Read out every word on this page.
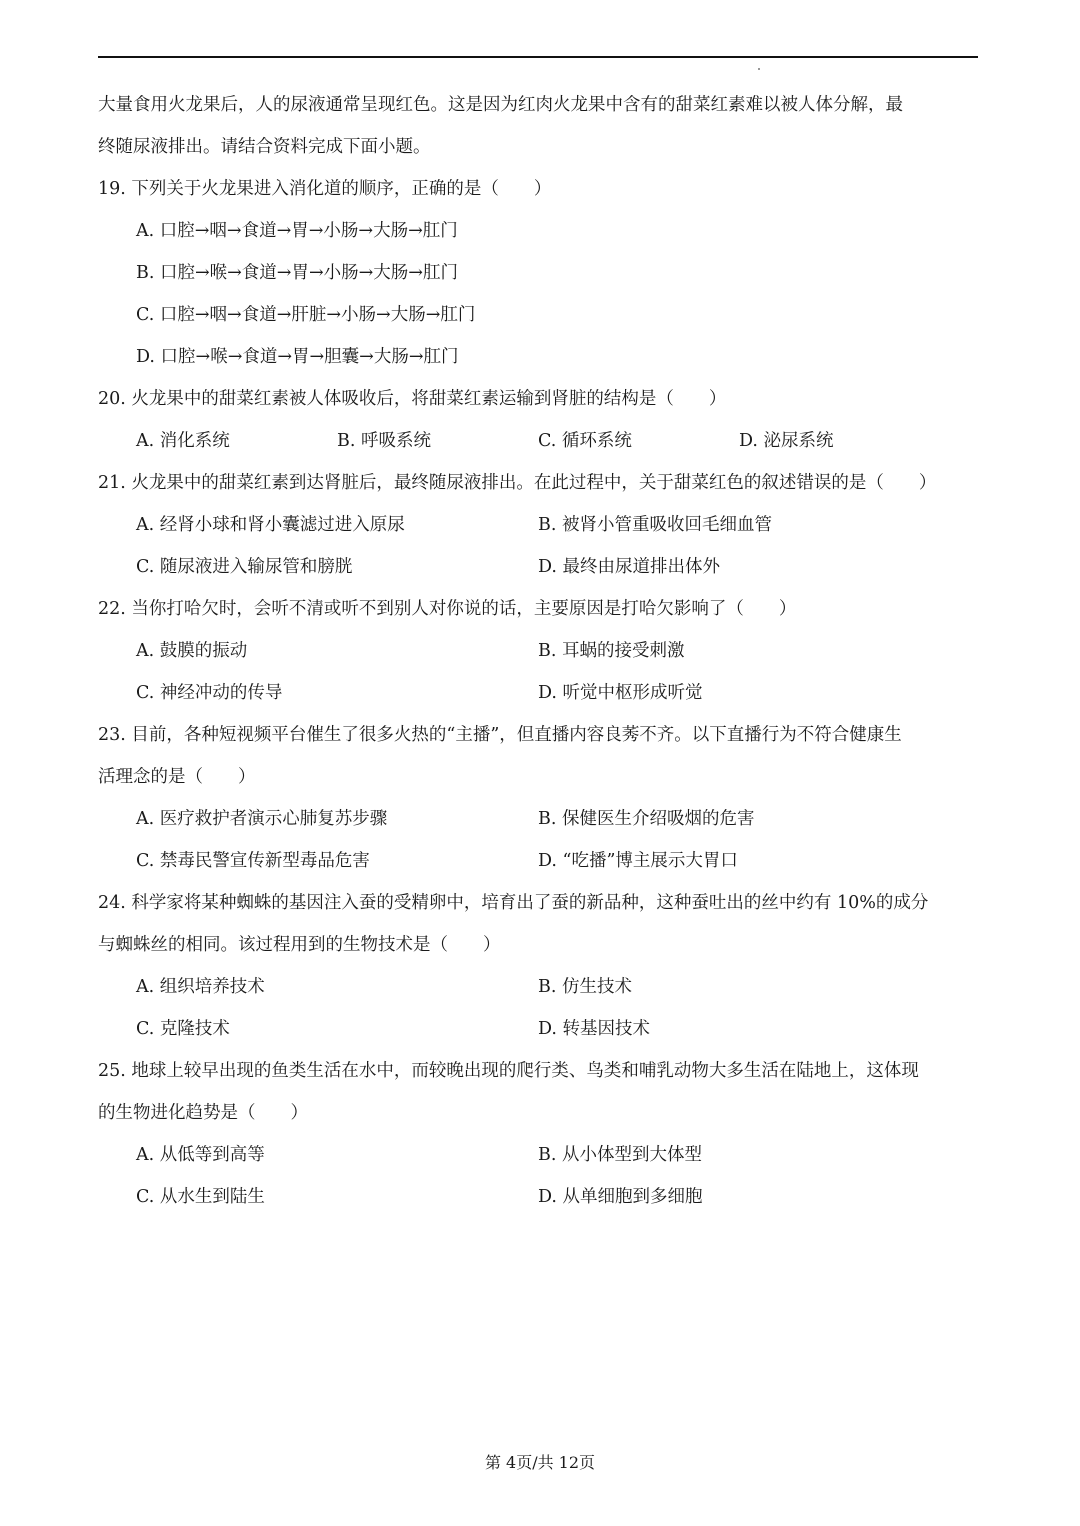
大量食用火龙果后，人的尿液通常呈现红色。这是因为红肉火龙果中含有的甜菜红素难以被人体分解，最
终随尿液排出。请结合资料完成下面小题。
19. 下列关于火龙果进入消化道的顺序，正确的是（　　）
A. 口腔→咽→食道→胃→小肠→大肠→肛门
B. 口腔→喉→食道→胃→小肠→大肠→肛门
C. 口腔→咽→食道→肝脏→小肠→大肠→肛门
D. 口腔→喉→食道→胃→胆囊→大肠→肛门
20. 火龙果中的甜菜红素被人体吸收后，将甜菜红素运输到肾脏的结构是（　　）
A. 消化系统	B. 呼吸系统	C. 循环系统	D. 泌尿系统
21. 火龙果中的甜菜红素到达肾脏后，最终随尿液排出。在此过程中，关于甜菜红色的叙述错误的是（　　）
A. 经肾小球和肾小囊滤过进入原尿	B. 被肾小管重吸收回毛细血管
C. 随尿液进入输尿管和膀胱	D. 最终由尿道排出体外
22. 当你打哈欠时，会听不清或听不到别人对你说的话，主要原因是打哈欠影响了（　　）
A. 鼓膜的振动	B. 耳蜗的接受刺激
C. 神经冲动的传导	D. 听觉中枢形成听觉
23. 目前，各种短视频平台催生了很多火热的“主播”，但直播内容良莠不齐。以下直播行为不符合健康生
活理念的是（　　）
A. 医疗救护者演示心肺复苏步骤	B. 保健医生介绍吸烟的危害
C. 禁毒民警宣传新型毒品危害	D. “吃播”博主展示大胃口
24. 科学家将某种蜘蛛的基因注入蚕的受精卵中，培育出了蚕的新品种，这种蚕吐出的丝中约有 10%的成分
与蜘蛛丝的相同。该过程用到的生物技术是（　　）
A. 组织培养技术	B. 仿生技术
C. 克隆技术	D. 转基因技术
25. 地球上较早出现的鱼类生活在水中，而较晚出现的爬行类、鸟类和哺乳动物大多生活在陆地上，这体现
的生物进化趋势是（　　）
A. 从低等到高等	B. 从小体型到大体型
C. 从水生到陆生	D. 从单细胞到多细胞
第 4页/共 12页
